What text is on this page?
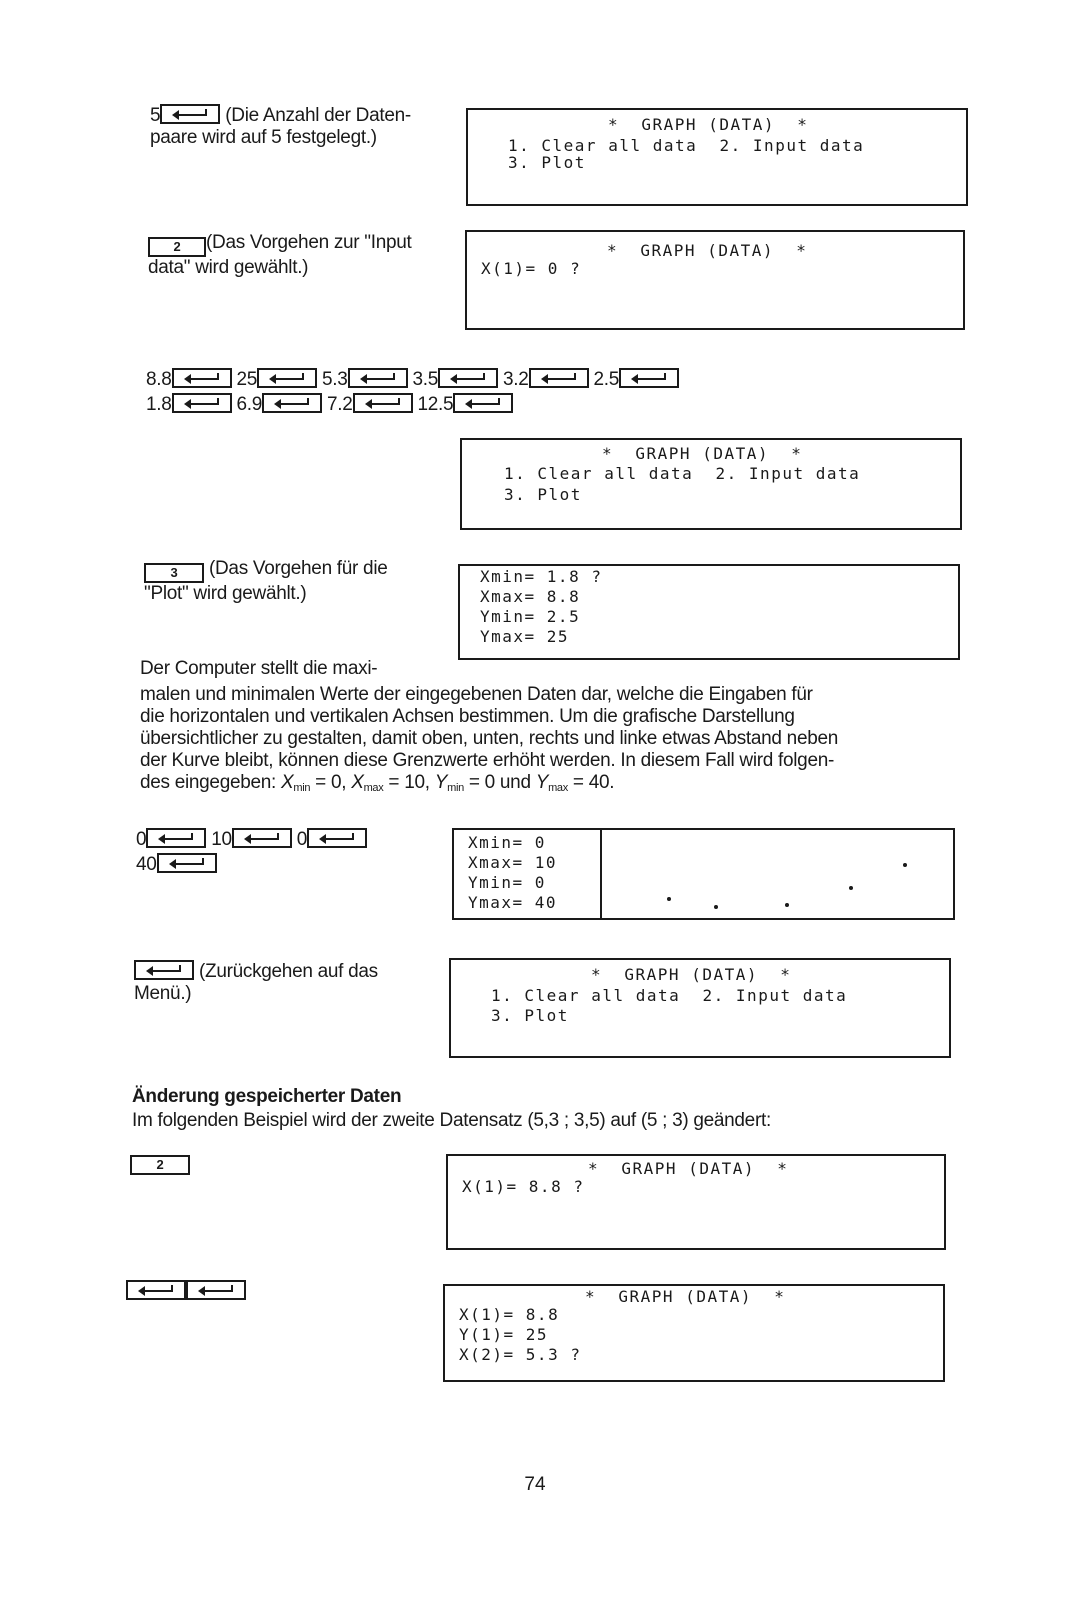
5	(Die Anzahl der Daten-
paare wird auf 5 festgelegt.)

*  GRAPH (DATA)  *

1. Clear all data  2. Input data

3. Plot

2 (Das Vorgehen zur "Input
data" wird gewählt.)

*  GRAPH (DATA)  *

X(1)= 0 ?

8.8	25	5.3	3.5	3.2	2.5
1.8	6.9	7.2	12.5

*  GRAPH (DATA)  *

1. Clear all data  2. Input data

3. Plot

3 (Das Vorgehen für die
"Plot" wird gewählt.)

Xmin= 1.8 ?

Xmax= 8.8

Ymin= 2.5

Ymax= 25

Der Computer stellt die maxi-
malen und minimalen Werte der eingegebenen Daten dar, welche die Eingaben für
die horizontalen und vertikalen Achsen bestimmen. Um die grafische Darstellung
übersichtlicher zu gestalten, damit oben, unten, rechts und linke etwas Abstand neben
der Kurve bleibt, können diese Grenzwerte erhöht werden. In diesem Fall wird folgen-
des eingegeben: $X_{min} = 0$, $X_{max} = 10$, $Y_{min} = 0$ und $Y_{max} = 40$.
0	10	0
40

Xmin= 0

Xmax= 10

Ymin= 0

Ymax= 40

(Zurückgehen auf das
Menü.)

*  GRAPH (DATA)  *

1. Clear all data  2. Input data

3. Plot

Änderung gespeicherter Daten
Im folgenden Beispiel wird der zweite Datensatz (5,3 ; 3,5) auf (5 ; 3) geändert:
2

	*  GRAPH (DATA)  *

X(1)= 8.8 ?

*  GRAPH (DATA)  *

X(1)= 8.8

Y(1)= 25

X(2)= 5.3 ?

74
